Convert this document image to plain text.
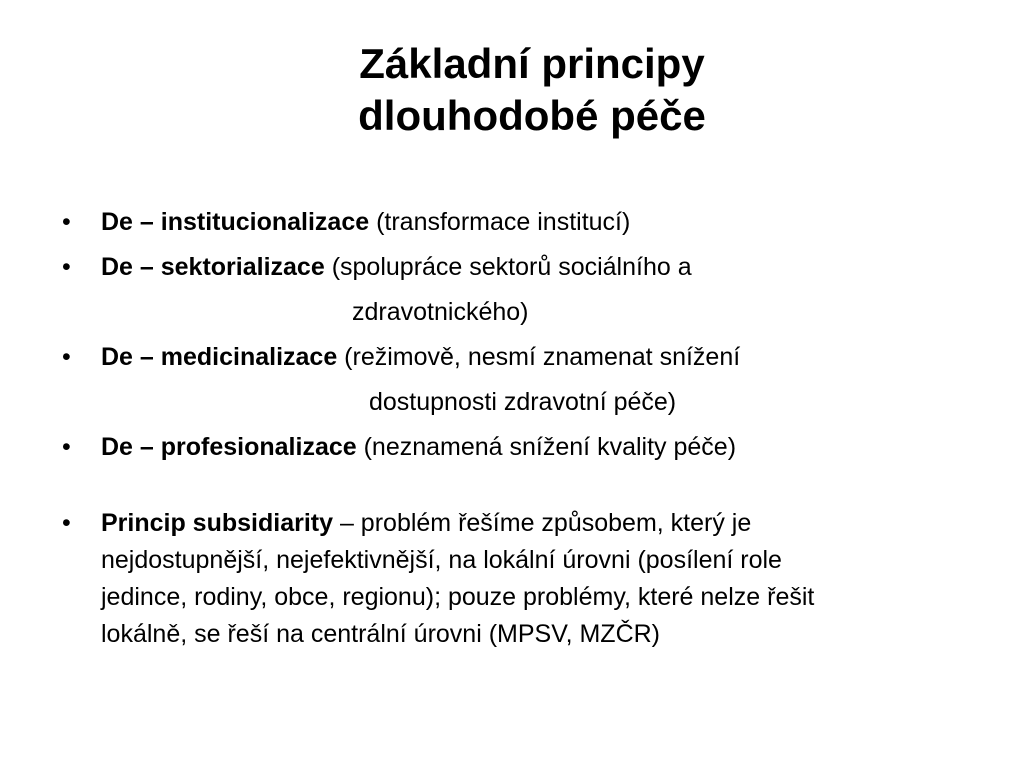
Základní principy
dlouhodobé péče
•
De – institucionalizace (transformace institucí)
•
De – sektorializace (spolupráce sektorů sociálního a
zdravotnického)
•
De – medicinalizace (režimově, nesmí znamenat snížení
dostupnosti zdravotní péče)
•
De – profesionalizace (neznamená snížení kvality péče)
•
Princip subsidiarity – problém řešíme způsobem, který je
nejdostupnější, nejefektivnější, na lokální úrovni (posílení role
jedince, rodiny, obce, regionu); pouze problémy, které nelze řešit
lokálně, se řeší na centrální úrovni (MPSV, MZČR)
